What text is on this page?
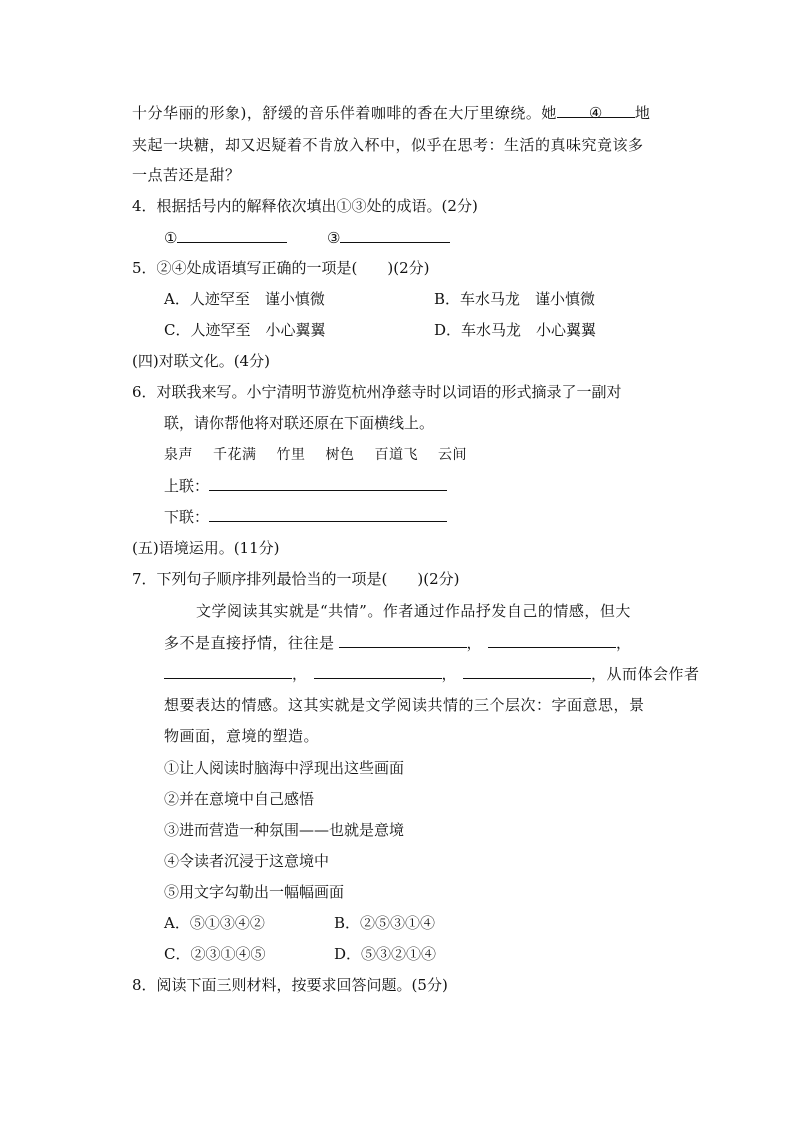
十分华丽的形象)，舒缓的音乐伴着咖啡的香在大厅里缭绕。她 ④ 地
夹起一块糖，却又迟疑着不肯放入杯中，似乎在思考：生活的真味究竟该多
一点苦还是甜？
4．根据括号内的解释依次填出①③处的成语。(2分)
①	③
5．②④处成语填写正确的一项是(　　)(2分)
A．人迹罕至　谨小慎微	B．车水马龙　谨小慎微
C．人迹罕至　小心翼翼	D．车水马龙　小心翼翼
(四)对联文化。(4分)
6．对联我来写。小宁清明节游览杭州净慈寺时以词语的形式摘录了一副对
联，请你帮他将对联还原在下面横线上。
泉声 千花满 竹里 树色 百道飞 云间
上联：
下联：
(五)语境运用。(11分)
7．下列句子顺序排列最恰当的一项是(　　)(2分)
文学阅读其实就是“共情”。作者通过作品抒发自己的情感，但大
多不是直接抒情，往往是	，	，
，	，	，从而体会作者
想要表达的情感。这其实就是文学阅读共情的三个层次：字面意思，景
物画面，意境的塑造。
①让人阅读时脑海中浮现出这些画面
②并在意境中自己感悟
③进而营造一种氛围——也就是意境
④令读者沉浸于这意境中
⑤用文字勾勒出一幅幅画面
A．⑤①③④②	B．②⑤③①④
C．②③①④⑤	D．⑤③②①④
8．阅读下面三则材料，按要求回答问题。(5分)
